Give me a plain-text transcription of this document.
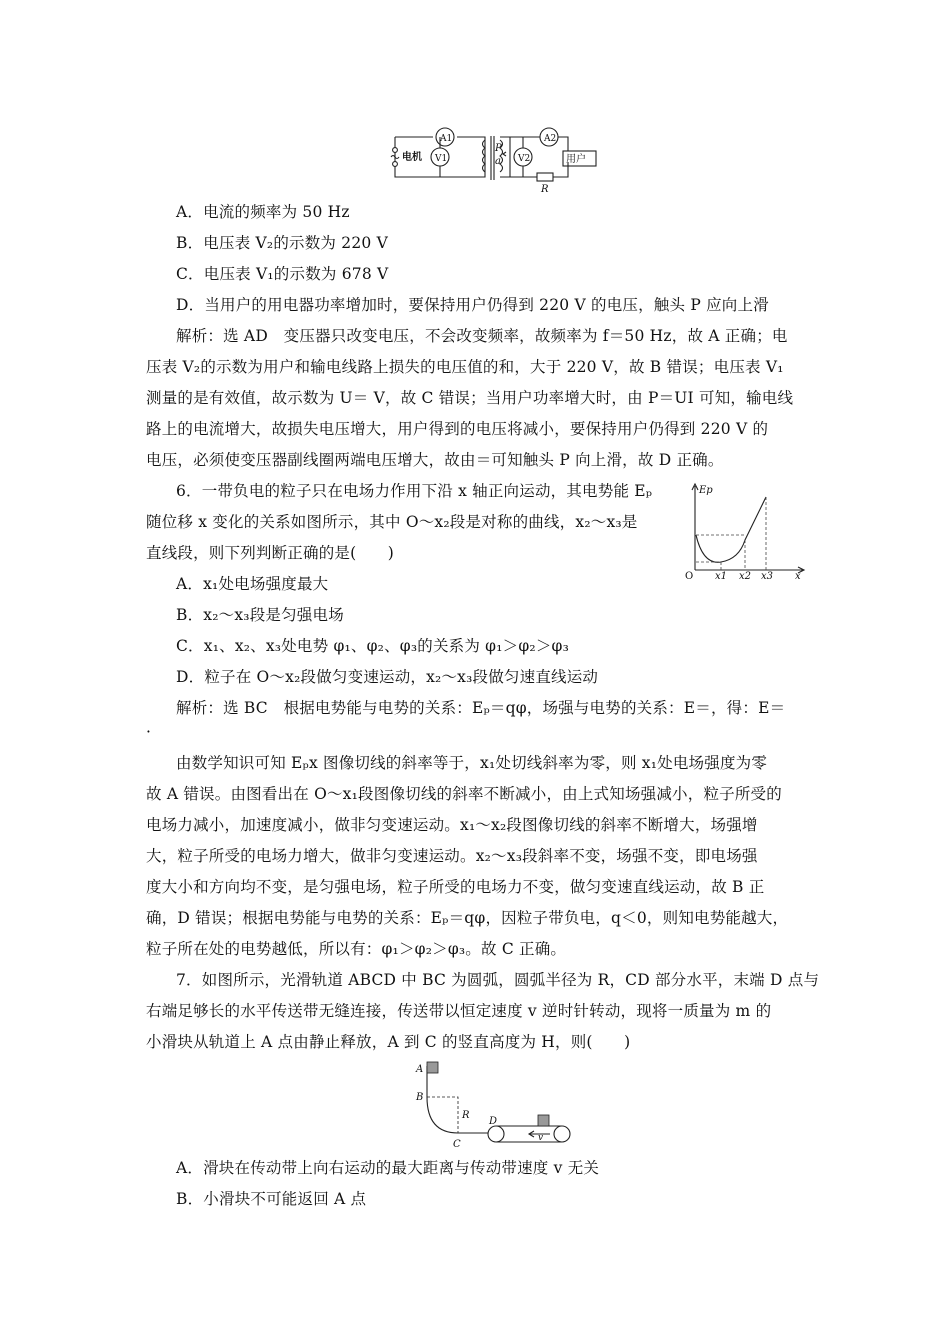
电机
A1
V1
A2
V2
P
a	用户
R
A．电流的频率为 50 Hz
B．电压表 V₂的示数为 220 V
C．电压表 V₁的示数为 678 V
D．当用户的用电器功率增加时，要保持用户仍得到 220 V 的电压，触头 P 应向上滑
解析：选 AD　变压器只改变电压，不会改变频率，故频率为 f＝50 Hz，故 A 正确；电
压表 V₂的示数为用户和输电线路上损失的电压值的和，大于 220 V，故 B 错误；电压表 V₁
测量的是有效值，故示数为 U＝ V，故 C 错误；当用户功率增大时，由 P＝UI 可知，输电线
路上的电流增大，故损失电压增大，用户得到的电压将减小，要保持用户仍得到 220 V 的
电压，必须使变压器副线圈两端电压增大，故由＝可知触头 P 向上滑，故 D 正确。
6．一带负电的粒子只在电场力作用下沿 x 轴正向运动，其电势能 Eₚ
随位移 x 变化的关系如图所示，其中 O～x₂段是对称的曲线，x₂～x₃是
直线段，则下列判断正确的是(　　)
Ep
O x1 x2 x3 x
A．x₁处电场强度最大
B．x₂～x₃段是匀强电场
C．x₁、x₂、x₃处电势 φ₁、φ₂、φ₃的关系为 φ₁＞φ₂＞φ₃
D．粒子在 O～x₂段做匀变速运动，x₂～x₃段做匀速直线运动
解析：选 BC　根据电势能与电势的关系：Eₚ＝qφ，场强与电势的关系：E＝，得：E＝
·
由数学知识可知 Eₚx 图像切线的斜率等于，x₁处切线斜率为零，则 x₁处电场强度为零
故 A 错误。由图看出在 O～x₁段图像切线的斜率不断减小，由上式知场强减小，粒子所受的
电场力减小，加速度减小，做非匀变速运动。x₁～x₂段图像切线的斜率不断增大，场强增
大，粒子所受的电场力增大，做非匀变速运动。x₂～x₃段斜率不变，场强不变，即电场强
度大小和方向均不变，是匀强电场，粒子所受的电场力不变，做匀变速直线运动，故 B 正
确，D 错误；根据电势能与电势的关系：Eₚ＝qφ，因粒子带负电，q＜0，则知电势能越大，
粒子所在处的电势越低，所以有：φ₁＞φ₂＞φ₃。故 C 正确。
7．如图所示，光滑轨道 ABCD 中 BC 为圆弧，圆弧半径为 R，CD 部分水平，末端 D 点与
右端足够长的水平传送带无缝连接，传送带以恒定速度 v 逆时针转动，现将一质量为 m 的
小滑块从轨道上 A 点由静止释放，A 到 C 的竖直高度为 H，则(　　)
A
B
R
C
D
v
A．滑块在传动带上向右运动的最大距离与传动带速度 v 无关
B．小滑块不可能返回 A 点
